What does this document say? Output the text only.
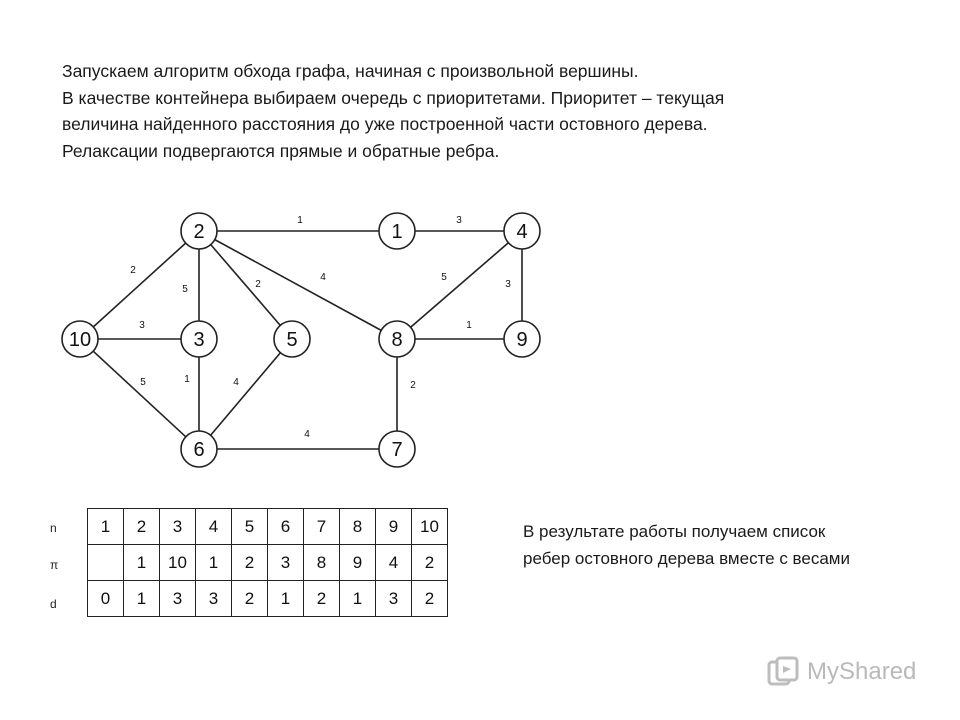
Запускаем алгоритм обхода графа, начиная с произвольной вершины.
В качестве контейнера выбираем очередь с приоритетами. Приоритет – текущая
величина найденного расстояния до уже построенной части остовного дерева.
Релаксации подвергаются прямые и обратные ребра.
1	3
2
5	2
4	5
3
3	1
5	1	4	2
4
2	1	4
10	3	5	8	9
6	7
n
π
d
1	2	3	4	5	6	7	8	9	10
	1	10	1	2	3	8	9	4	2
0	1	3	3	2	1	2	1	3	2
В результате работы получаем список
ребер остовного дерева вместе с весами
MyShared
